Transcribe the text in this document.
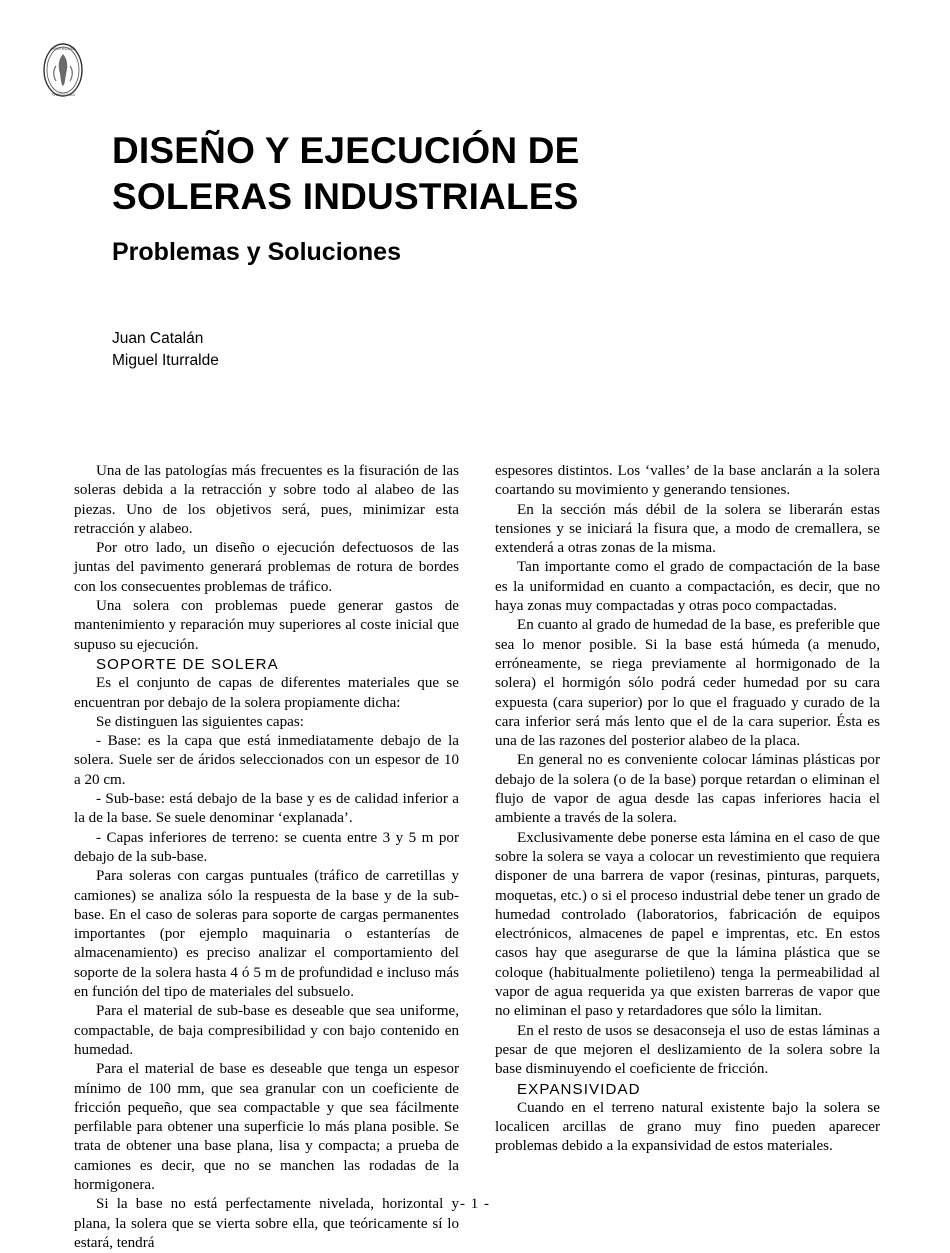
UNIVERSIDAD
TECNOLOGIA
DISEÑO Y EJECUCIÓN DE
SOLERAS INDUSTRIALES
Problemas y Soluciones
Juan Catalán
Miguel Iturralde

Una de las patologías más frecuentes es la fisuración de las soleras debida a la retracción y sobre todo al alabeo de las piezas. Uno de los objetivos será, pues, minimizar esta retracción y alabeo.

Por otro lado, un diseño o ejecución defectuosos de las juntas del pavimento generará problemas de rotura de bordes con los consecuentes problemas de tráfico.

Una solera con problemas puede generar gastos de mantenimiento y reparación muy superiores al coste inicial que supuso su ejecución.

SOPORTE DE SOLERA

Es el conjunto de capas de diferentes materiales que se encuentran por debajo de la solera propiamente dicha:

Se distinguen las siguientes capas:

- Base: es la capa que está inmediatamente debajo de la solera. Suele ser de áridos seleccionados con un espesor de 10 a 20 cm.

- Sub-base: está debajo de la base y es de calidad inferior a la de la base. Se suele denominar ‘explanada’.

- Capas inferiores de terreno: se cuenta entre 3 y 5 m por debajo de la sub-base.

Para soleras con cargas puntuales (tráfico de carretillas y camiones) se analiza sólo la respuesta de la base y de la sub-base. En el caso de soleras para soporte de cargas permanentes importantes (por ejemplo maquinaria o estanterías de almacenamiento) es preciso analizar el comportamiento del soporte de la solera hasta 4 ó 5 m de profundidad e incluso más en función del tipo de materiales del subsuelo.

Para el material de sub-base es deseable que sea uniforme, compactable, de baja compresibilidad y con bajo contenido en humedad.

Para el material de base es deseable que tenga un espesor mínimo de 100 mm, que sea granular con un coeficiente de fricción pequeño, que sea compactable y que sea fácilmente perfilable para obtener una superficie lo más plana posible. Se trata de obtener una base plana, lisa y compacta; a prueba de camiones es decir, que no se manchen las rodadas de la hormigonera.

Si la base no está perfectamente nivelada, horizontal y plana, la solera que se vierta sobre ella, que teóricamente sí lo estará, tendrá

espesores distintos. Los ‘valles’ de la base anclarán a la solera coartando su movimiento y generando tensiones.

En la sección más débil de la solera se liberarán estas tensiones y se iniciará la fisura que, a modo de cremallera, se extenderá a otras zonas de la misma.

Tan importante como el grado de compactación de la base es la uniformidad en cuanto a compactación, es decir, que no haya zonas muy compactadas y otras poco compactadas.

En cuanto al grado de humedad de la base, es preferible que sea lo menor posible. Si la base está húmeda (a menudo, erróneamente, se riega previamente al hormigonado de la solera) el hormigón sólo podrá ceder humedad por su cara expuesta (cara superior) por lo que el fraguado y curado de la cara inferior será más lento que el de la cara superior. Ésta es una de las razones del posterior alabeo de la placa.

En general no es conveniente colocar láminas plásticas por debajo de la solera (o de la base) porque retardan o eliminan el flujo de vapor de agua desde las capas inferiores hacia el ambiente a través de la solera.

Exclusivamente debe ponerse esta lámina en el caso de que sobre la solera se vaya a colocar un revestimiento que requiera disponer de una barrera de vapor (resinas, pinturas, parquets, moquetas, etc.) o si el proceso industrial debe tener un grado de humedad controlado (laboratorios, fabricación de equipos electrónicos, almacenes de papel e imprentas, etc. En estos casos hay que asegurarse de que la lámina plástica que se coloque (habitualmente polietileno) tenga la permeabilidad al vapor de agua requerida ya que existen barreras de vapor que no eliminan el paso y retardadores que sólo la limitan.

En el resto de usos se desaconseja el uso de estas láminas a pesar de que mejoren el deslizamiento de la solera sobre la base disminuyendo el coeficiente de fricción.

EXPANSIVIDAD

Cuando en el terreno natural existente bajo la solera se localicen arcillas de grano muy fino pueden aparecer problemas debido a la expansividad de estos materiales.

- 1 -
